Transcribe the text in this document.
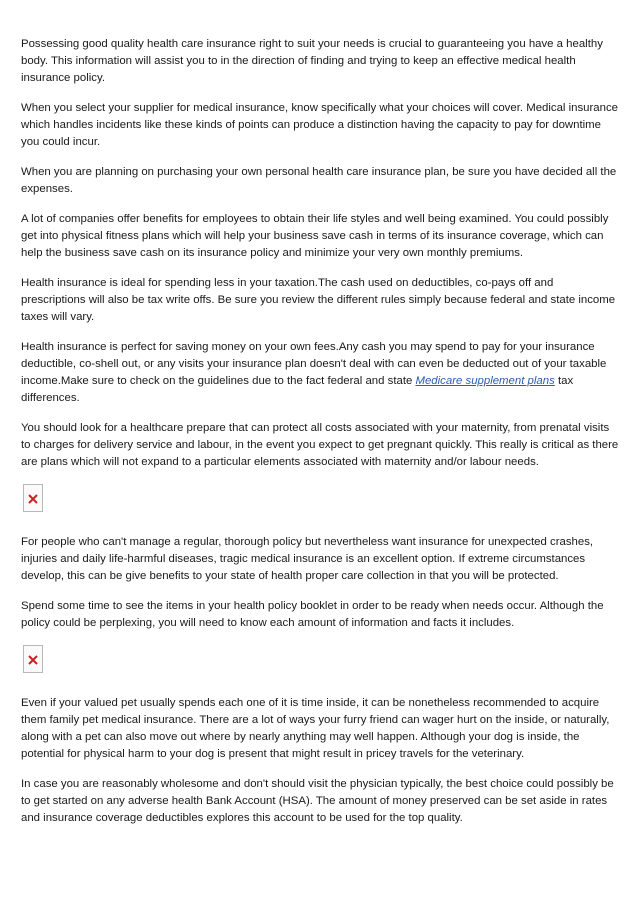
Possessing good quality health care insurance right to suit your needs is crucial to guaranteeing you have a healthy body. This information will assist you to in the direction of finding and trying to keep an effective medical health insurance policy.

When you select your supplier for medical insurance, know specifically what your choices will cover. Medical insurance which handles incidents like these kinds of points can produce a distinction having the capacity to pay for downtime you could incur.

When you are planning on purchasing your own personal health care insurance plan, be sure you have decided all the expenses.

A lot of companies offer benefits for employees to obtain their life styles and well being examined. You could possibly get into physical fitness plans which will help your business save cash in terms of its insurance coverage, which can help the business save cash on its insurance policy and minimize your very own monthly premiums.

Health insurance is ideal for spending less in your taxation.The cash used on deductibles, co-pays off and prescriptions will also be tax write offs. Be sure you review the different rules simply because federal and state income taxes will vary.

Health insurance is perfect for saving money on your own fees.Any cash you may spend to pay for your insurance deductible, co-shell out, or any visits your insurance plan doesn't deal with can even be deducted out of your taxable income.Make sure to check on the guidelines due to the fact federal and state Medicare supplement plans tax differences.

You should look for a healthcare prepare that can protect all costs associated with your maternity, from prenatal visits to charges for delivery service and labour, in the event you expect to get pregnant quickly. This really is critical as there are plans which will not expand to a particular elements associated with maternity and/or labour needs.

For people who can't manage a regular, thorough policy but nevertheless want insurance for unexpected crashes, injuries and daily life-harmful diseases, tragic medical insurance is an excellent option. If extreme circumstances develop, this can be give benefits to your state of health proper care collection in that you will be protected.

Spend some time to see the items in your health policy booklet in order to be ready when needs occur. Although the policy could be perplexing, you will need to know each amount of information and facts it includes.

Even if your valued pet usually spends each one of it is time inside, it can be nonetheless recommended to acquire them family pet medical insurance. There are a lot of ways your furry friend can wager hurt on the inside, or naturally, along with a pet can also move out where by nearly anything may well happen. Although your dog is inside, the potential for physical harm to your dog is present that might result in pricey travels for the veterinary.

In case you are reasonably wholesome and don't should visit the physician typically, the best choice could possibly be to get started on any adverse health Bank Account (HSA). The amount of money preserved can be set aside in rates and insurance coverage deductibles explores this account to be used for the top quality.
